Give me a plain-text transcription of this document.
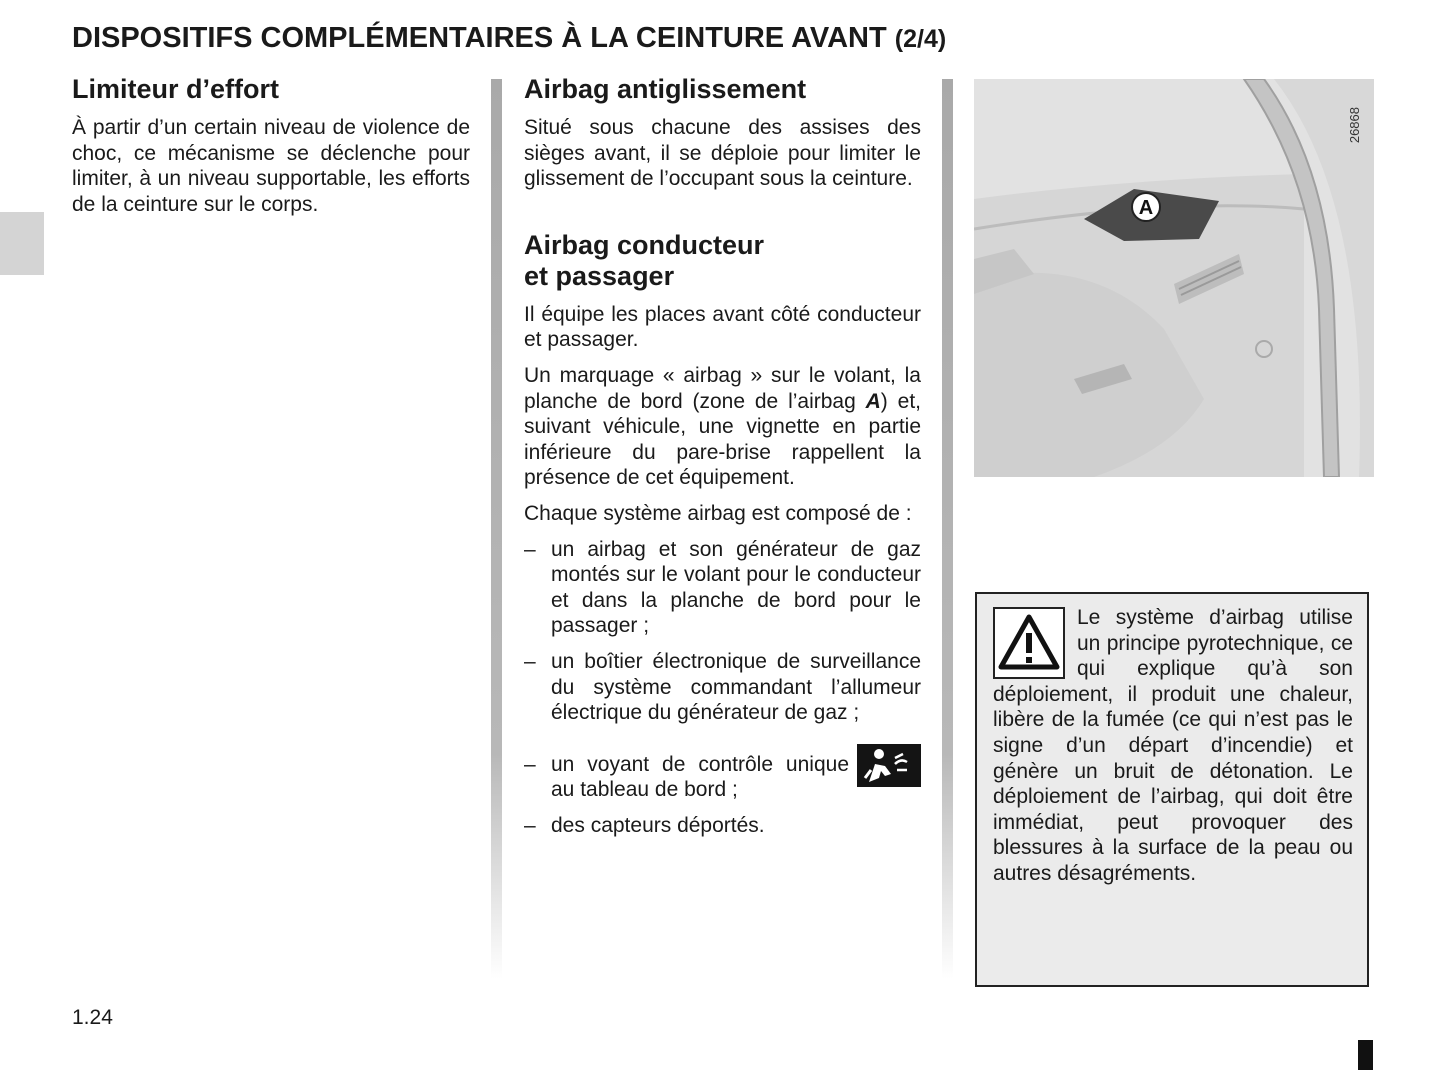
DISPOSITIFS COMPLÉMENTAIRES À LA CEINTURE AVANT (2/4)
Limiteur d’effort

À partir d’un certain niveau de violence de choc, ce mécanisme se déclenche pour limiter, à un niveau supportable, les efforts de la ceinture sur le corps.

Airbag antiglissement

Situé sous chacune des assises des sièges avant, il se déploie pour limiter le glissement de l’occupant sous la ceinture.

Airbag conducteur
et passager

Il équipe les places avant côté conducteur et passager.

Un marquage « airbag » sur le volant, la planche de bord (zone de l’airbag A) et, suivant véhicule, une vignette en partie inférieure du pare-brise rappellent la présence de cet équipement.

Chaque système airbag est composé de :

– un airbag et son générateur de gaz montés sur le volant pour le conducteur et dans la planche de bord pour le passager ;
– un boîtier électronique de surveillance du système commandant l’allumeur électrique du générateur de gaz ;
– un voyant de contrôle unique au tableau de bord ;
– des capteurs déportés.
A
26868

Le système d’airbag utilise un principe pyrotechnique, ce qui explique qu’à son déploiement, il produit une chaleur, libère de la fumée (ce qui n’est pas le signe d’un départ d’incendie) et génère un bruit de détonation. Le déploiement de l’airbag, qui doit être immédiat, peut provoquer des blessures à la surface de la peau ou autres désagréments.

1.24
